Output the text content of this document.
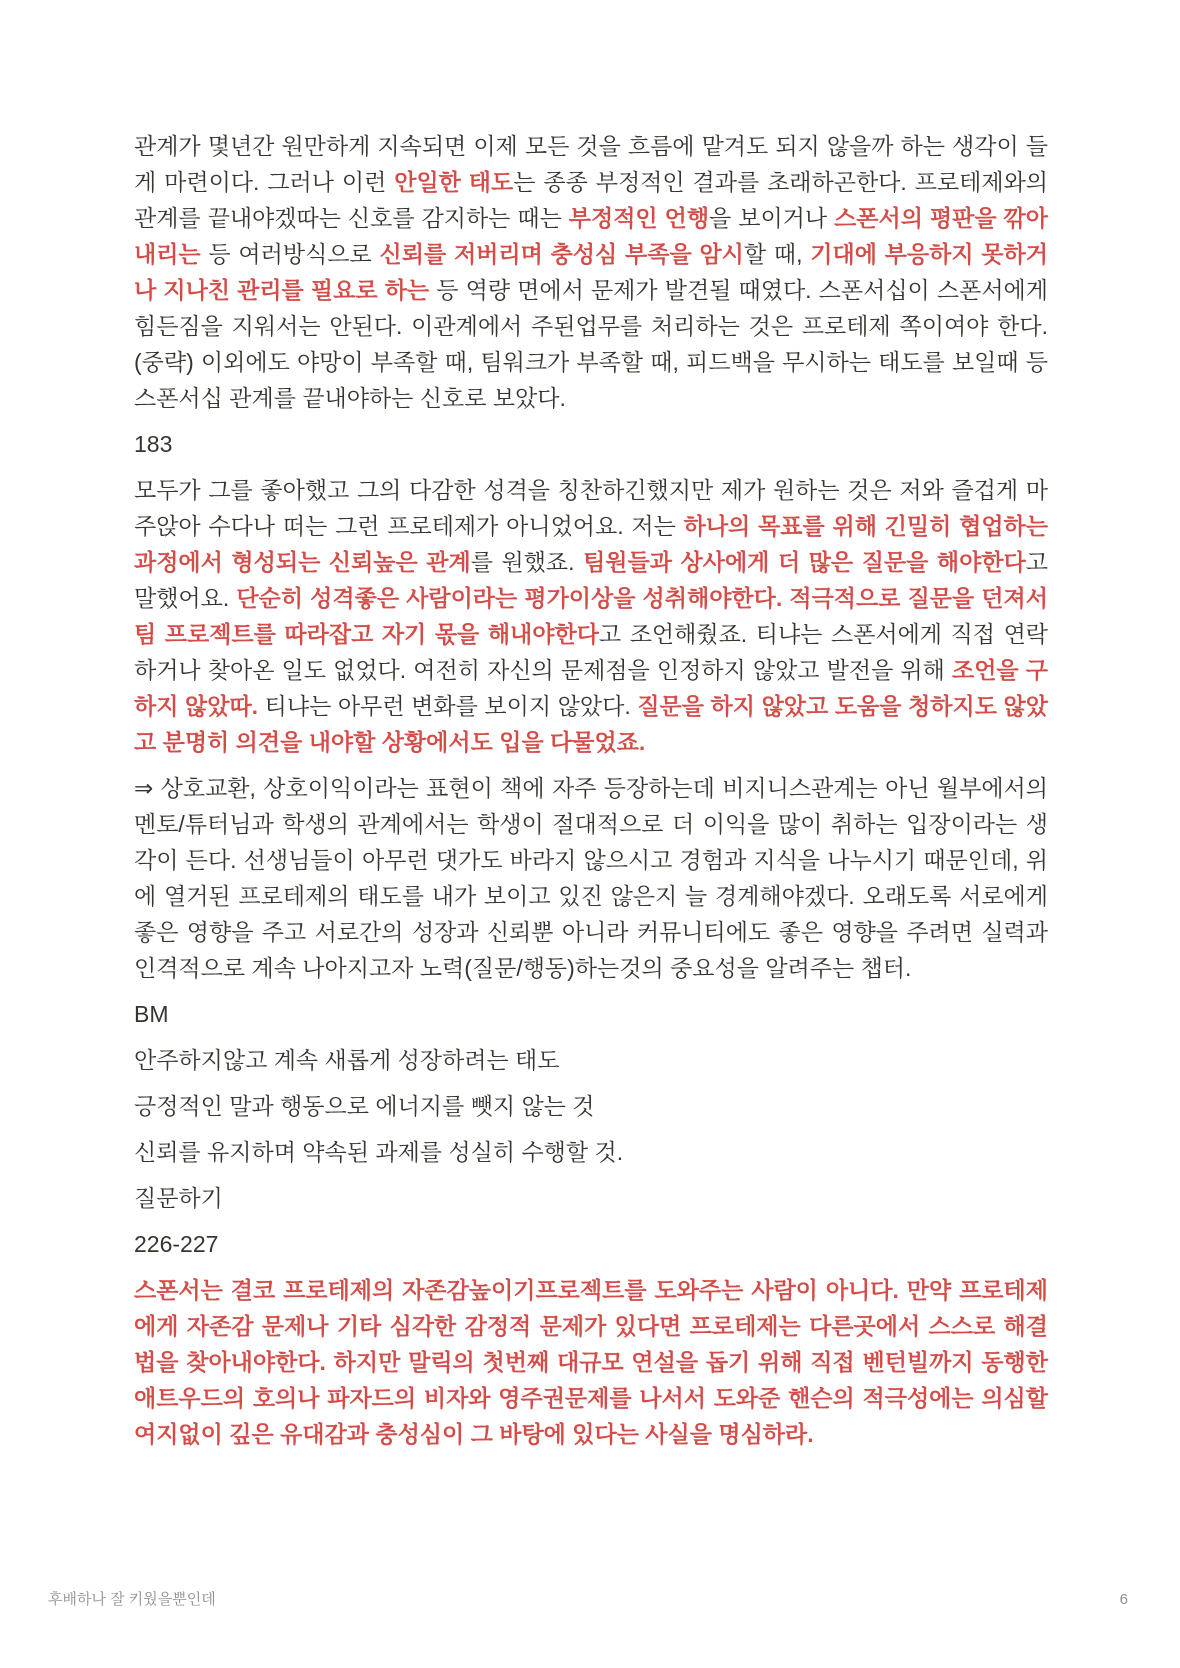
관계가 몇년간 원만하게 지속되면 이제 모든 것을 흐름에 맡겨도 되지 않을까 하는 생각이 들게 마련이다. 그러나 이런 안일한 태도는 종종 부정적인 결과를 초래하곤한다. 프로테제와의 관계를 끝내야겠따는 신호를 감지하는 때는 부정적인 언행을 보이거나 스폰서의 평판을 깎아내리는 등 여러방식으로 신뢰를 저버리며 충성심 부족을 암시할 때, 기대에 부응하지 못하거나 지나친 관리를 필요로 하는 등 역량 면에서 문제가 발견될 때였다. 스폰서십이 스폰서에게 힘든짐을 지워서는 안된다. 이관계에서 주된업무를 처리하는 것은 프로테제 쪽이여야 한다. (중략) 이외에도 야망이 부족할 때, 팀워크가 부족할 때, 피드백을 무시하는 태도를 보일때 등 스폰서십 관계를 끝내야하는 신호로 보았다.

183

모두가 그를 좋아했고 그의 다감한 성격을 칭찬하긴했지만 제가 원하는 것은 저와 즐겁게 마주앉아 수다나 떠는 그런 프로테제가 아니었어요. 저는 하나의 목표를 위해 긴밀히 협업하는 과정에서 형성되는 신뢰높은 관계를 원했죠. 팀원들과 상사에게 더 많은 질문을 해야한다고 말했어요. 단순히 성격좋은 사람이라는 평가이상을 성취해야한다. 적극적으로 질문을 던져서 팀 프로젝트를 따라잡고 자기 몫을 해내야한다고 조언해줬죠. 티냐는 스폰서에게 직접 연락하거나 찾아온 일도 없었다. 여전히 자신의 문제점을 인정하지 않았고 발전을 위해 조언을 구하지 않았따. 티냐는 아무런 변화를 보이지 않았다. 질문을 하지 않았고 도움을 청하지도 않았고 분명히 의견을 내야할 상황에서도 입을 다물었죠.

⇒ 상호교환, 상호이익이라는 표현이 책에 자주 등장하는데 비지니스관계는 아닌 월부에서의 멘토/튜터님과 학생의 관계에서는 학생이 절대적으로 더 이익을 많이 취하는 입장이라는 생각이 든다. 선생님들이 아무런 댓가도 바라지 않으시고 경험과 지식을 나누시기 때문인데, 위에 열거된 프로테제의 태도를 내가 보이고 있진 않은지 늘 경계해야겠다. 오래도록 서로에게 좋은 영향을 주고 서로간의 성장과 신뢰뿐 아니라 커뮤니티에도 좋은 영향을 주려면 실력과 인격적으로 계속 나아지고자 노력(질문/행동)하는것의 중요성을 알려주는 챕터.

BM

안주하지않고 계속 새롭게 성장하려는 태도

긍정적인 말과 행동으로 에너지를 뺏지 않는 것

신뢰를 유지하며 약속된 과제를 성실히 수행할 것.

질문하기

226-227

스폰서는 결코 프로테제의 자존감높이기프로젝트를 도와주는 사람이 아니다. 만약 프로테제에게 자존감 문제나 기타 심각한 감정적 문제가 있다면 프로테제는 다른곳에서 스스로 해결법을 찾아내야한다. 하지만 말릭의 첫번째 대규모 연설을 돕기 위해 직접 벤턴빌까지 동행한 애트우드의 호의나 파자드의 비자와 영주권문제를 나서서 도와준 핸슨의 적극성에는 의심할 여지없이 깊은 유대감과 충성심이 그 바탕에 있다는 사실을 명심하라.

후배하나 잘 키웠을뿐인데	6
